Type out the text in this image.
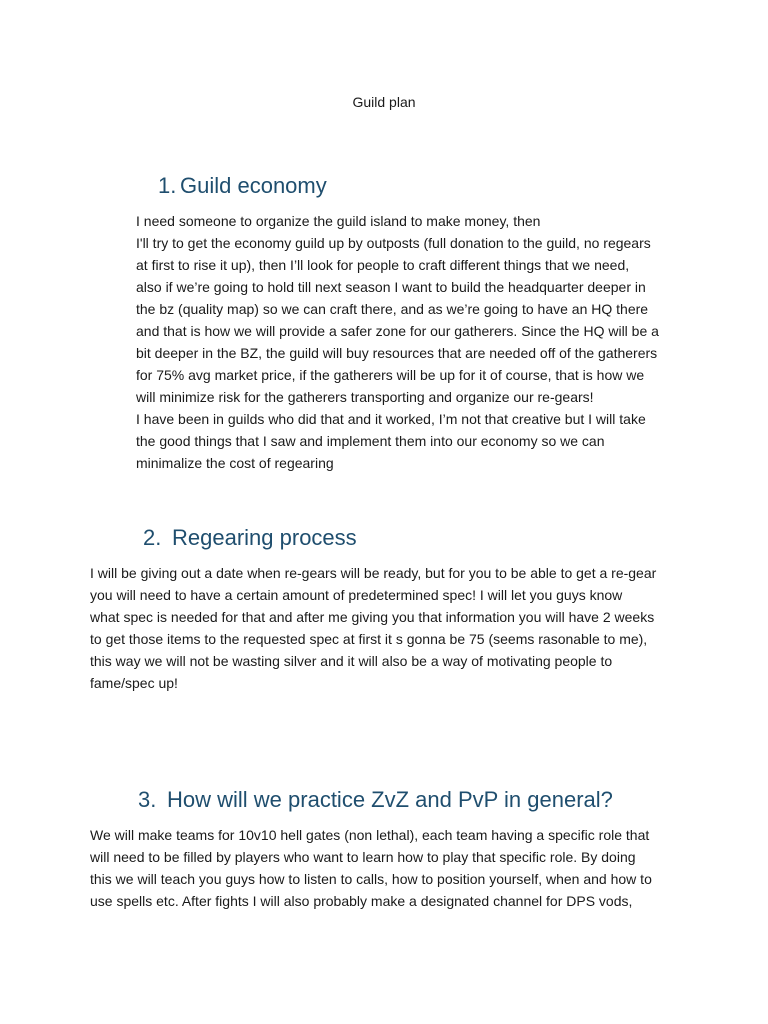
Guild plan
1. Guild economy
I need someone to organize the guild island to make money, then
I'll try to get the economy guild up by outposts (full donation to the guild, no regears
at first to rise it up), then I’ll look for people to craft different things that we need,
also if we’re going to hold till next season I want to build the headquarter deeper in
the bz (quality map) so we can craft there, and as we’re going to have an HQ there
and that is how we will provide a safer zone for our gatherers. Since the HQ will be a
bit deeper in the BZ, the guild will buy resources that are needed off of the gatherers
for 75% avg market price, if the gatherers will be up for it of course, that is how we
will minimize risk for the gatherers transporting and organize our re-gears!
I have been in guilds who did that and it worked, I’m not that creative but I will take
the good things that I saw and implement them into our economy so we can
minimalize the cost of regearing
2. Regearing process
I will be giving out a date when re-gears will be ready, but for you to be able to get a re-gear
you will need to have a certain amount of predetermined spec! I will let you guys know
what spec is needed for that and after me giving you that information you will have 2 weeks
to get those items to the requested spec at first it s gonna be 75 (seems rasonable to me),
this way we will not be wasting silver and it will also be a way of motivating people to
fame/spec up!
3. How will we practice ZvZ and PvP in general?
We will make teams for 10v10 hell gates (non lethal), each team having a specific role that
will need to be filled by players who want to learn how to play that specific role. By doing
this we will teach you guys how to listen to calls, how to position yourself, when and how to
use spells etc. After fights I will also probably make a designated channel for DPS vods,
